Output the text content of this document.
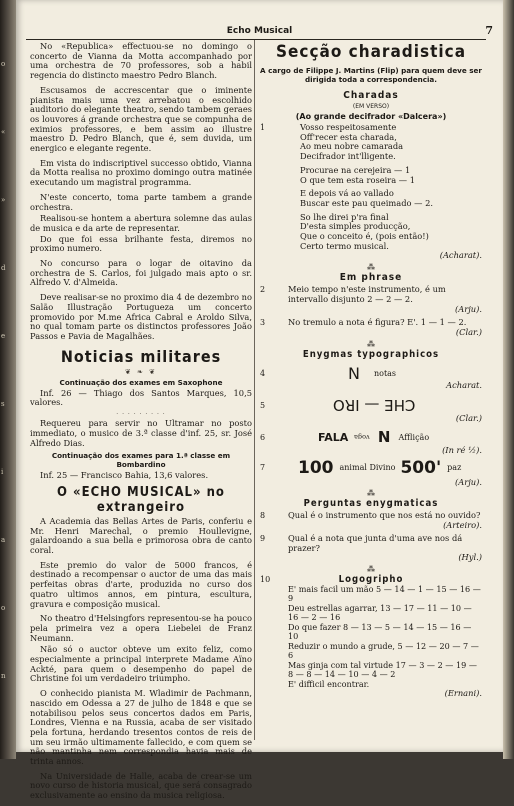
o
«
»
d
e
s
i
a
o
n
Echo Musical	7

No «Republica» effectuou-se no domingo o concerto de Vianna da Motta accompanhado por uma orchestra de 70 professores, sob a habil regencia do distincto maestro Pedro Blanch.

Escusamos de accrescentar que o iminente pianista mais uma vez arrebatou o escolhido auditorio do elegante theatro, sendo tambem geraes os louvores á grande orchestra que se compunha de eximios professores, e bem assim ao illustre maestro D. Pedro Blanch, que é, sem duvida, um energico e elegante regente.

Em vista do indiscriptivel successo obtido, Vianna da Motta realisa no proximo domingo outra matinée executando um magistral programma.

N'este concerto, toma parte tambem a grande orchestra.

Realisou-se hontem a abertura solemne das aulas de musica e da arte de representar.

Do que foi essa brilhante festa, diremos no proximo numero.

No concurso para o logar de oitavino da orchestra de S. Carlos, foi julgado mais apto o sr. Alfredo V. d'Almeida.

Deve realisar-se no proximo dia 4 de dezembro no Salão Illustração Portugueza um concerto promovido por M.me Africa Cabral e Aroldo Silva, no qual tomam parte os distinctos professores João Passos e Pavia de Magalhães.

Noticias militares
❦ ❧ ❦
Continuação dos exames em Saxophone

Inf. 26 — Thiago dos Santos Marques, 10,5 valores.

· · · · · · · · ·

Requereu para servir no Ultramar no posto immediato, o musico de 3.ª classe d'inf. 25, sr. José Alfredo Dias.

Continuação dos exames para 1.ª classe em Bombardino

Inf. 25 — Francisco Bahia, 13,6 valores.

O «ECHO MUSICAL» no extrangeiro

A Academia das Bellas Artes de Paris, conferiu e Mr. Henri Marechal, o premio Houllevigne, galardoando a sua bella e primorosa obra de canto coral.

Este premio do valor de 5000 francos, é destinado a recompensar o auctor de uma das mais perfeitas obras d'arte, produzida no curso dos quatro ultimos annos, em pintura, escultura, gravura e composição musical.

No theatro d'Helsingfors representou-se ha pouco pela primeira vez a opera Liebelei de Franz Neumann.

Não só o auctor obteve um exito feliz, como especialmente a principal interprete Madame Aïno Ackté, para quem o desempenho do papel de Christine foi um verdadeiro triumpho.

O conhecido pianista M. Wladimir de Pachmann, nascido em Odessa a 27 de julho de 1848 e que se notabilisou pelos seus concertos dados em Paris, Londres, Vienna e na Russia, acaba de ser visitado pela fortuna, herdando tresentos contos de reis de um seu irmão ultimamente fallecido, e com quem se não mantinha nem correspondia havia mais de trinta annos.

Na Universidade de Halle, acaba de crear-se um novo curso de historia musical, que será consagrado exclusivamente ao ensino da musica religiosa.

Secção charadistica
A cargo de Filippe J. Martins (Flip) para quem deve ser dirigida toda a correspondencia.
Charadas
(EM VERSO)
(Ao grande decifrador «Dalcera»)
1	Vosso respeitosamente
Off'recer esta charada,
Ao meu nobre camarada
Decifrador int'lligente.
Procurae na cerejeira — 1
O que tem esta roseira — 1
E depois vá ao vallado
Buscar este pau queimado — 2.
So lhe direi p'ra final
D'esta simples producção,
Que o conceito é, (pois então!)
Certo termo musical.
(Acharat).
⁂
Em phrase
2	Meio tempo n'este instrumento, é um intervallo disjunto 2 — 2 — 2.
(Arju).
3	No tremulo a nota é figura? E'. 1 — 1 — 2.
(Clar.)
⁂
Enygmas typographicos
4	N notas
Acharat.
5	CHE — IRO
(Clar.)
6	FALA voga N Afflição
(In ré ½).
7	100 animal Divino 500' paz
(Arju).
⁂
Perguntas enygmaticas
8	Qual é o instrumento que nos está no ouvido?
(Arteiro).
9	Qual é a nota que junta d'uma ave nos dá prazer?
(Hyl.)
⁂
10	Logogripho
E' mais facil um mão 5 — 14 — 1 — 15 — 16 — 9
Deu estrellas agarrar, 13 — 17 — 11 — 10 — 16 — 2 — 16
Do que fazer 8 — 13 — 5 — 14 — 15 — 16 — 10
Reduzir o mundo a grude, 5 — 12 — 20 — 7 — 6
Mas ginja com tal virtude 17 — 3 — 2 — 19 — 8 — 8 — 14 — 10 — 4 — 2
E' difficil encontrar.
(Ernani).
